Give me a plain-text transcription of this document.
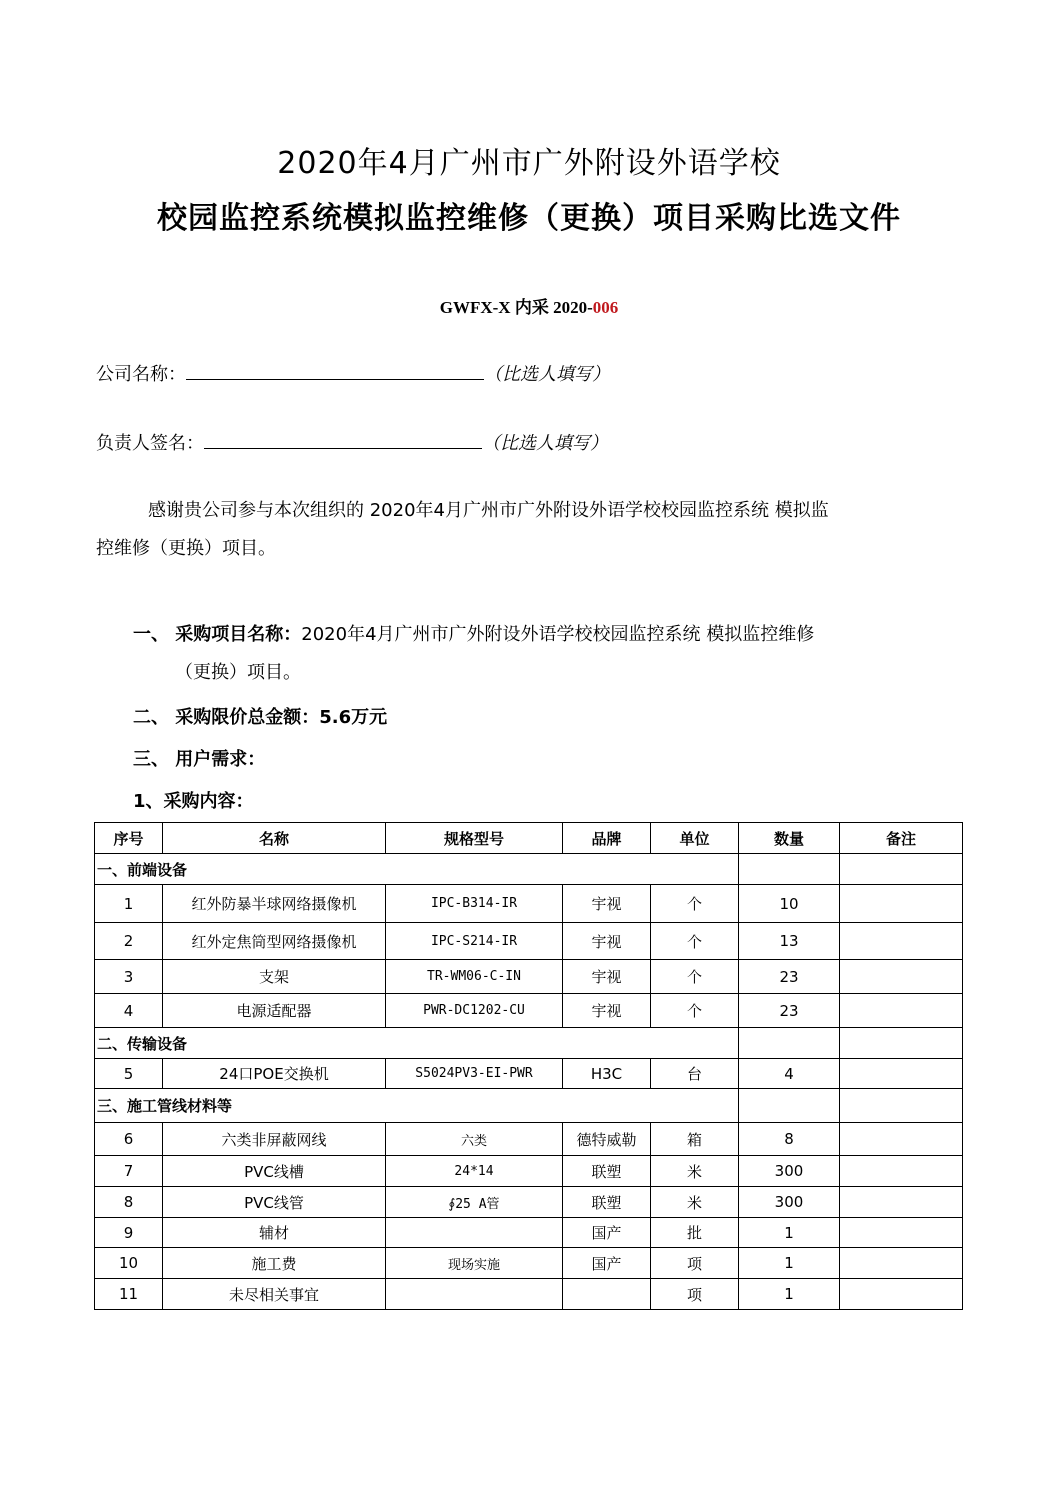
2020年4月广州市广外附设外语学校
校园监控系统模拟监控维修（更换）项目采购比选文件
GWFX-X 内采 2020-006
公司名称：	（比选人填写）
负责人签名：	（比选人填写）
感谢贵公司参与本次组织的 2020年4月广州市广外附设外语学校校园监控系统 模拟监
控维修（更换）项目。
一、 采购项目名称：2020年4月广州市广外附设外语学校校园监控系统 模拟监控维修
（更换）项目。
二、 采购限价总金额：5.6万元
三、 用户需求：
1、采购内容：
序号	名称	规格型号	品牌	单位	数量	备注
一、前端设备						
1	红外防暴半球网络摄像机	IPC-B314-IR	宇视	个	10	
2	红外定焦筒型网络摄像机	IPC-S214-IR	宇视	个	13	
3	支架	TR-WM06-C-IN	宇视	个	23	
4	电源适配器	PWR-DC1202-CU	宇视	个	23	
二、传输设备						
5	24口POE交换机	S5024PV3-EI-PWR	H3C	台	4	
三、施工管线材料等						
6	六类非屏蔽网线	六类	德特威勒	箱	8	
7	PVC线槽	24*14	联塑	米	300	
8	PVC线管	∮25 A管	联塑	米	300	
9	辅材		国产	批	1	
10	施工费	现场实施	国产	项	1	
11	未尽相关事宜			项	1	
